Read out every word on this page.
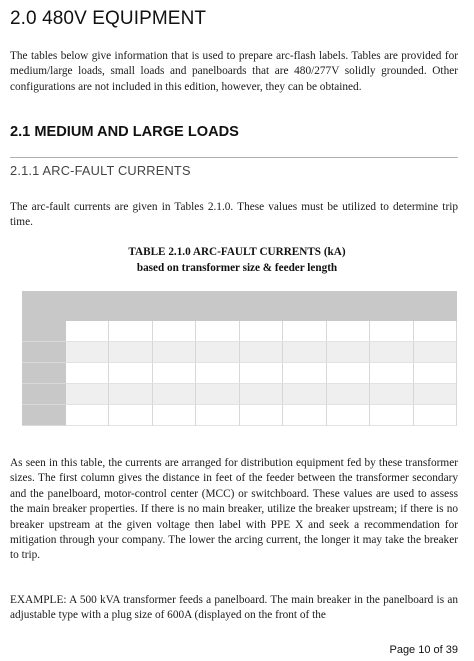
2.0 480V EQUIPMENT
The tables below give information that is used to prepare arc-flash labels. Tables are provided for medium/large loads, small loads and panelboards that are 480/277V solidly grounded. Other configurations are not included in this edition, however, they can be obtained.
2.1 MEDIUM AND LARGE LOADS
2.1.1 ARC-FAULT CURRENTS
The arc-fault currents are given in Tables 2.1.0. These values must be utilized to determine trip time.
TABLE 2.1.0 ARC-FAULT CURRENTS (kA)
based on transformer size & feeder length
As seen in this table, the currents are arranged for distribution equipment fed by these transformer sizes. The first column gives the distance in feet of the feeder between the transformer secondary and the panelboard, motor-control center (MCC) or switchboard. These values are used to assess the main breaker properties. If there is no main breaker, utilize the breaker upstream; if there is no breaker upstream at the given voltage then label with PPE X and seek a recommendation for mitigation through your company. The lower the arcing current, the longer it may take the breaker to trip.
EXAMPLE: A 500 kVA transformer feeds a panelboard. The main breaker in the panelboard is an adjustable type with a plug size of 600A (displayed on the front of the
Page 10 of 39
